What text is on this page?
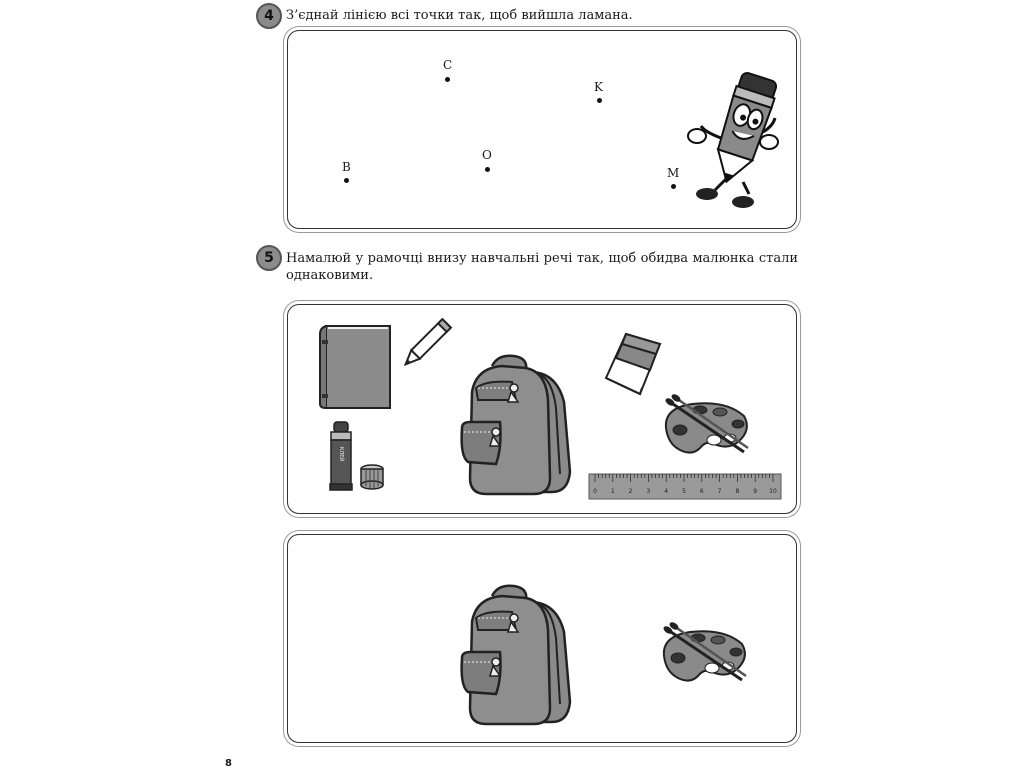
4 З’єднай лінією всі точки так, щоб вийшла ламана.
C
K
B
O
M
5 Намалюй у рамочці внизу навчальні речі так, щоб обидва малюнка стали однаковими.
КЛЕЙ
0 1 2 3 4 5 6 7 8 9 10
8
